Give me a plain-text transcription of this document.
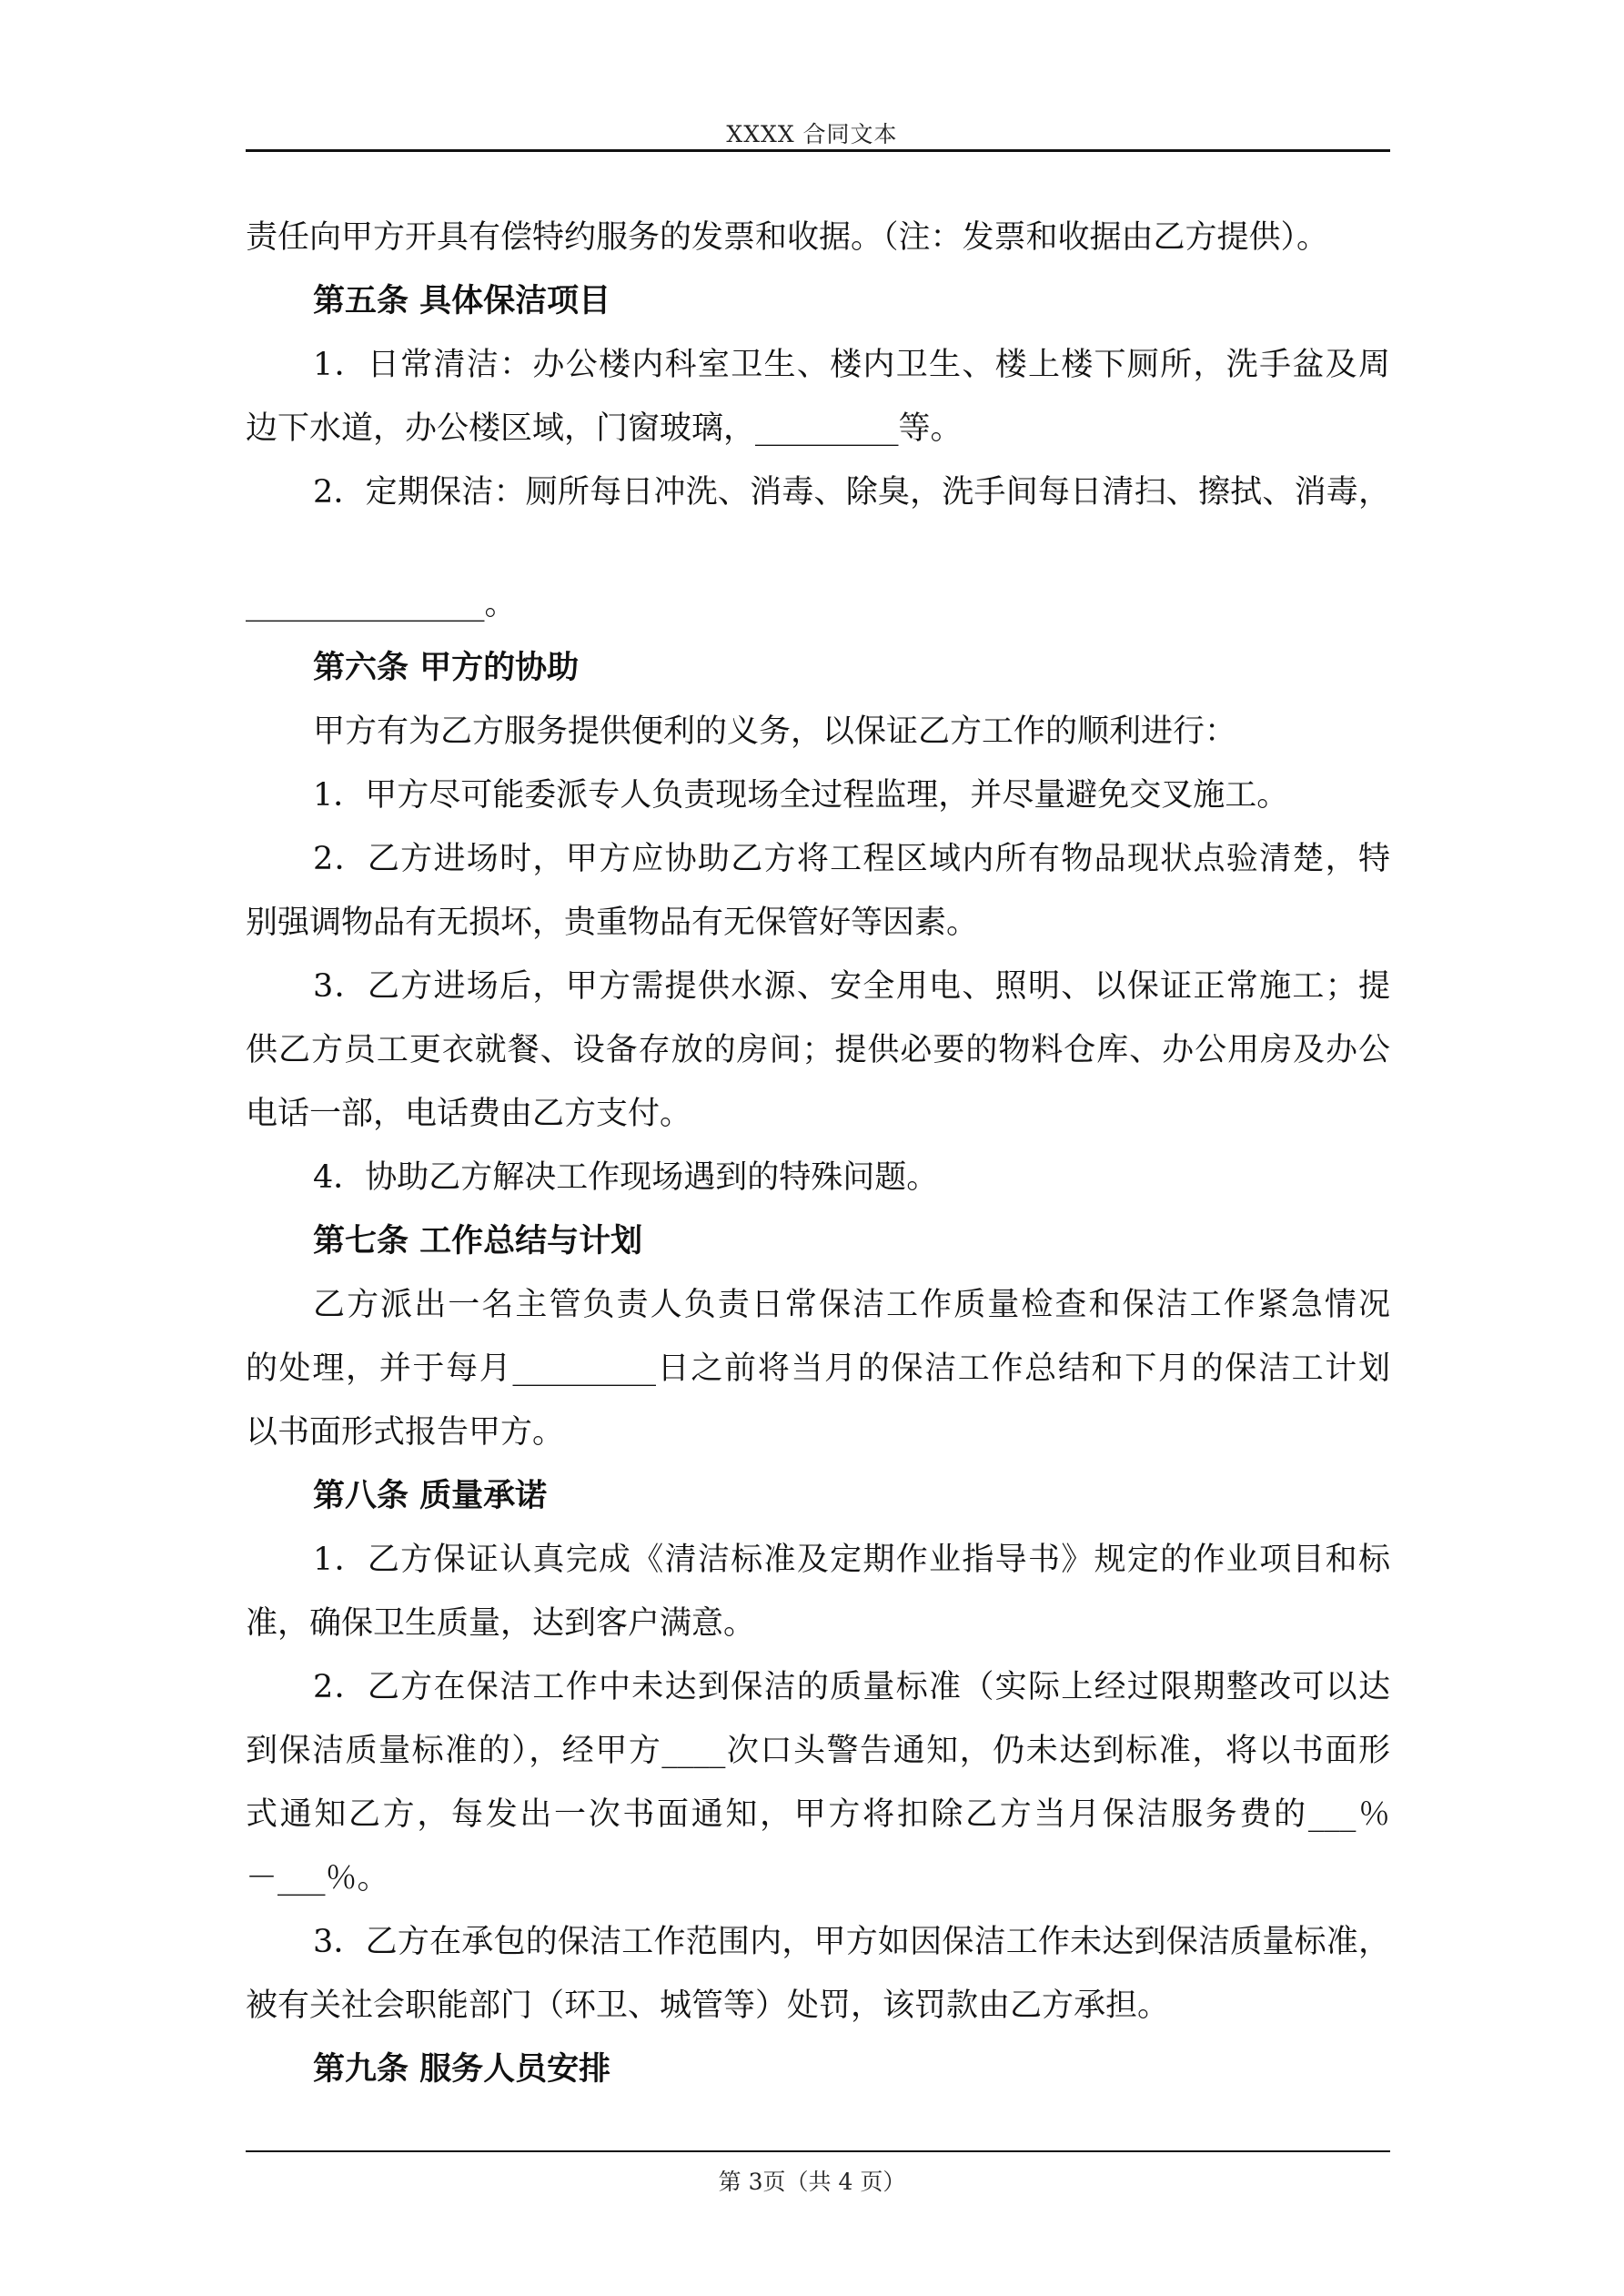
XXXX 合同文本
责任向甲方开具有偿特约服务的发票和收据。（注：发票和收据由乙方提供）。
第五条 具体保洁项目
1．日常清洁：办公楼内科室卫生、楼内卫生、楼上楼下厕所，洗手盆及周
边下水道，办公楼区域，门窗玻璃，_________等。
2．定期保洁：厕所每日冲洗、消毒、除臭，洗手间每日清扫、擦拭、消毒，
_______________。
第六条 甲方的协助
甲方有为乙方服务提供便利的义务，以保证乙方工作的顺利进行：
1．甲方尽可能委派专人负责现场全过程监理，并尽量避免交叉施工。
2．乙方进场时，甲方应协助乙方将工程区域内所有物品现状点验清楚，特
别强调物品有无损坏，贵重物品有无保管好等因素。
3．乙方进场后，甲方需提供水源、安全用电、照明、以保证正常施工；提
供乙方员工更衣就餐、设备存放的房间；提供必要的物料仓库、办公用房及办公
电话一部，电话费由乙方支付。
4．协助乙方解决工作现场遇到的特殊问题。
第七条 工作总结与计划
乙方派出一名主管负责人负责日常保洁工作质量检查和保洁工作紧急情况
的处理，并于每月_________日之前将当月的保洁工作总结和下月的保洁工计划
以书面形式报告甲方。
第八条 质量承诺
1．乙方保证认真完成《清洁标准及定期作业指导书》规定的作业项目和标
准，确保卫生质量，达到客户满意。
2．乙方在保洁工作中未达到保洁的质量标准（实际上经过限期整改可以达
到保洁质量标准的），经甲方____次口头警告通知，仍未达到标准，将以书面形
式通知乙方，每发出一次书面通知，甲方将扣除乙方当月保洁服务费的___％
－___％。
3．乙方在承包的保洁工作范围内，甲方如因保洁工作未达到保洁质量标准，
被有关社会职能部门（环卫、城管等）处罚，该罚款由乙方承担。
第九条 服务人员安排
第 3页（共 4 页）
